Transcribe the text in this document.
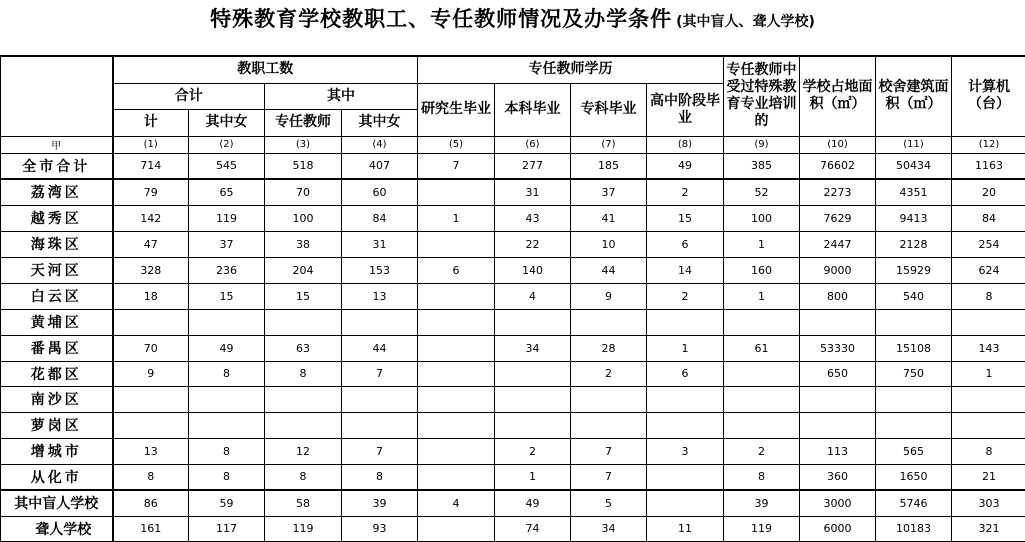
特殊教育学校教职工、专任教师情况及办学条件 (其中盲人、聋人学校)
	教职工数				专任教师学历				专任教师中受过特殊教育专业培训的	学校占地面积（㎡）	校舍建筑面积（㎡）	计算机（台）
	合计		其中		研究生毕业	本科毕业	专科毕业	高中阶段毕业				
	计	其中女	专任教师	其中女								
甲	(1)	(2)	(3)	(4)	(5)	(6)	(7)	(8)	(9)	(10)	(11)	(12)
全市合计	714	545	518	407	7	277	185	49	385	76602	50434	1163
荔湾区	79	65	70	60		31	37	2	52	2273	4351	20
越秀区	142	119	100	84	1	43	41	15	100	7629	9413	84
海珠区	47	37	38	31		22	10	6	1	2447	2128	254
天河区	328	236	204	153	6	140	44	14	160	9000	15929	624
白云区	18	15	15	13		4	9	2	1	800	540	8
黄埔区												
番禺区	70	49	63	44		34	28	1	61	53330	15108	143
花都区	9	8	8	7			2	6		650	750	1
南沙区												
萝岗区												
增城市	13	8	12	7		2	7	3	2	113	565	8
从化市	8	8	8	8		1	7		8	360	1650	21
其中盲人学校	86	59	58	39	4	49	5		39	3000	5746	303
聋人学校	161	117	119	93		74	34	11	119	6000	10183	321
